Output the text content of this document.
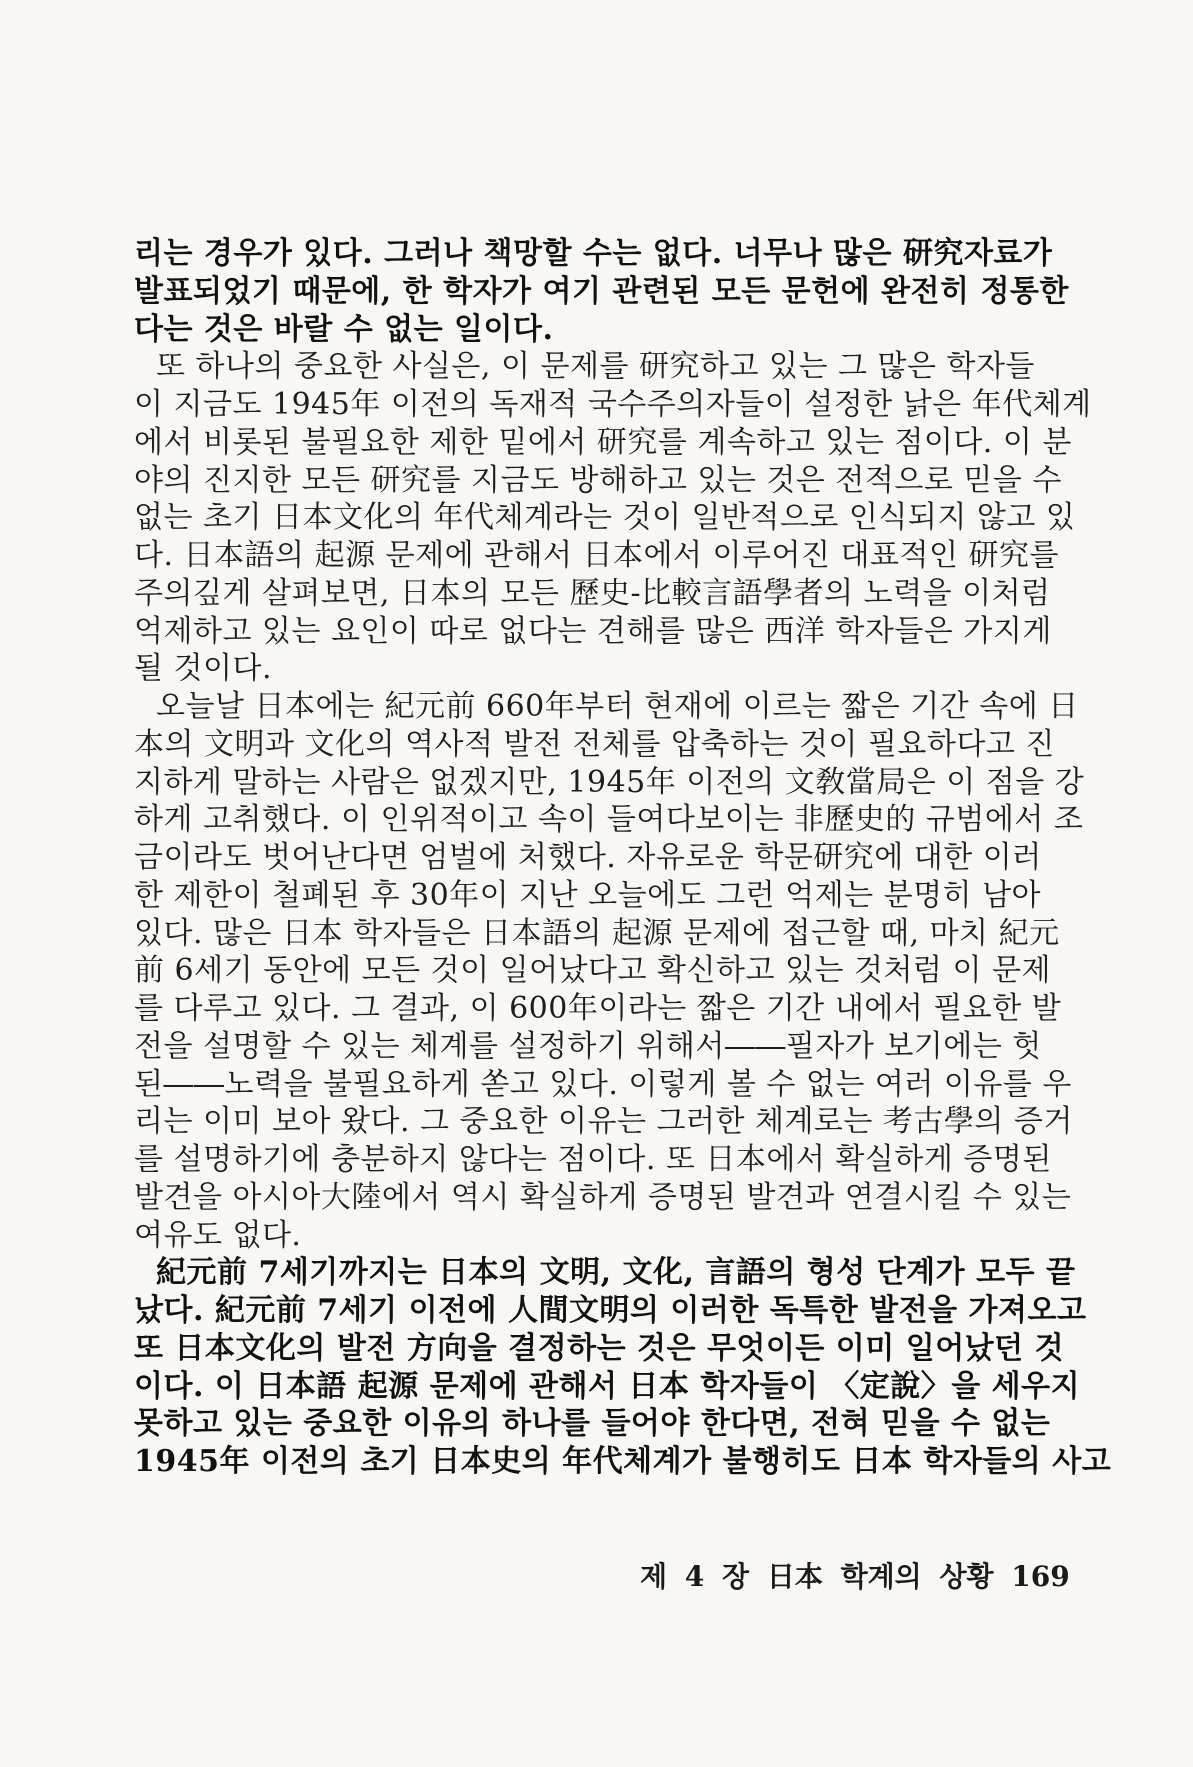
리는 경우가 있다. 그러나 책망할 수는 없다. 너무나 많은 研究자료가
발표되었기 때문에, 한 학자가 여기 관련된 모든 문헌에 완전히 정통한
다는 것은 바랄 수 없는 일이다.
또 하나의 중요한 사실은, 이 문제를 研究하고 있는 그 많은 학자들
이 지금도 1945年 이전의 독재적 국수주의자들이 설정한 낡은 年代체계
에서 비롯된 불필요한 제한 밑에서 研究를 계속하고 있는 점이다. 이 분
야의 진지한 모든 研究를 지금도 방해하고 있는 것은 전적으로 믿을 수
없는 초기 日本文化의 年代체계라는 것이 일반적으로 인식되지 않고 있
다. 日本語의 起源 문제에 관해서 日本에서 이루어진 대표적인 研究를
주의깊게 살펴보면, 日本의 모든 歷史-比較言語學者의 노력을 이처럼
억제하고 있는 요인이 따로 없다는 견해를 많은 西洋 학자들은 가지게
될 것이다.
오늘날 日本에는 紀元前 660年부터 현재에 이르는 짧은 기간 속에 日
本의 文明과 文化의 역사적 발전 전체를 압축하는 것이 필요하다고 진
지하게 말하는 사람은 없겠지만, 1945年 이전의 文敎當局은 이 점을 강
하게 고취했다. 이 인위적이고 속이 들여다보이는 非歷史的 규범에서 조
금이라도 벗어난다면 엄벌에 처했다. 자유로운 학문研究에 대한 이러
한 제한이 철폐된 후 30年이 지난 오늘에도 그런 억제는 분명히 남아
있다. 많은 日本 학자들은 日本語의 起源 문제에 접근할 때, 마치 紀元
前 6세기 동안에 모든 것이 일어났다고 확신하고 있는 것처럼 이 문제
를 다루고 있다. 그 결과, 이 600年이라는 짧은 기간 내에서 필요한 발
전을 설명할 수 있는 체계를 설정하기 위해서――필자가 보기에는 헛
된――노력을 불필요하게 쏟고 있다. 이렇게 볼 수 없는 여러 이유를 우
리는 이미 보아 왔다. 그 중요한 이유는 그러한 체계로는 考古學의 증거
를 설명하기에 충분하지 않다는 점이다. 또 日本에서 확실하게 증명된
발견을 아시아大陸에서 역시 확실하게 증명된 발견과 연결시킬 수 있는
여유도 없다.
紀元前 7세기까지는 日本의 文明, 文化, 言語의 형성 단계가 모두 끝
났다. 紀元前 7세기 이전에 人間文明의 이러한 독특한 발전을 가져오고
또 日本文化의 발전 方向을 결정하는 것은 무엇이든 이미 일어났던 것
이다. 이 日本語 起源 문제에 관해서 日本 학자들이 〈定說〉을 세우지
못하고 있는 중요한 이유의 하나를 들어야 한다면, 전혀 믿을 수 없는
1945年 이전의 초기 日本史의 年代체계가 불행히도 日本 학자들의 사고
제 4 장 日本 학계의 상황 169
